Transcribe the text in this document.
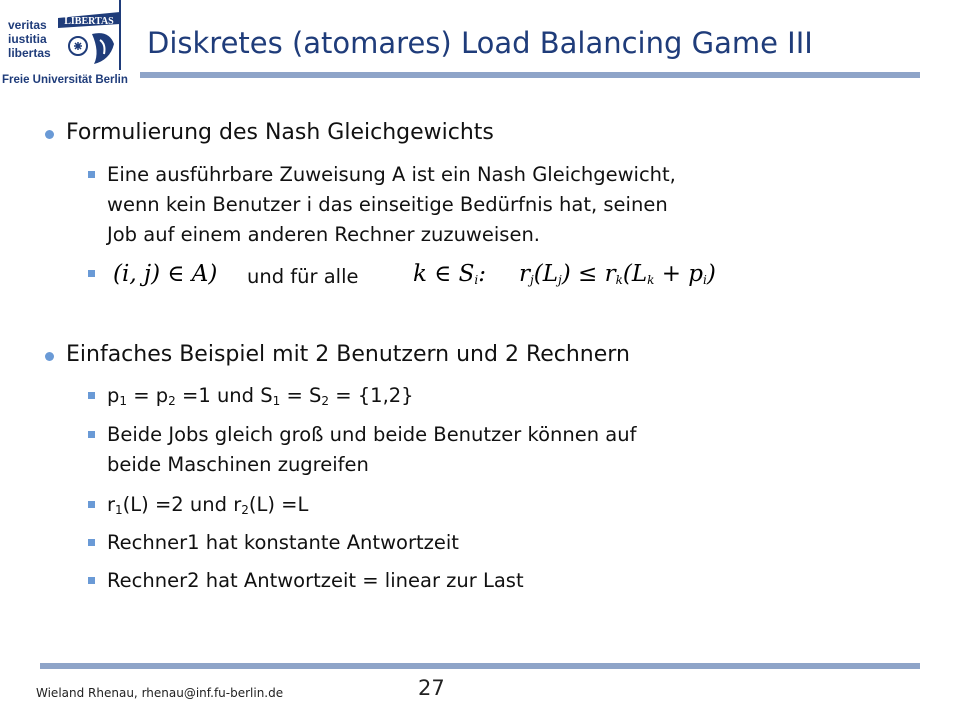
veritas
iustitia
libertas
LIBERTAS
Freie Universität Berlin
Diskretes (atomares) Load Balancing Game III
Formulierung des Nash Gleichgewichts
Eine ausführbare Zuweisung A ist ein Nash Gleichgewicht,
wenn kein Benutzer i das einseitige Bedürfnis hat, seinen
Job auf einem anderen Rechner zuzuweisen.
(i, j) ∈ A) und für alle k ∈ $S_i$: $r_j(L_j) \le r_k(L_k + p_i)$

Einfaches Beispiel mit 2 Benutzern und 2 Rechnern
$p_1 = p_2 =1$ und $S_1 = S_2 = \{1,2\}$
Beide Jobs gleich groß und beide Benutzer können auf
beide Maschinen zugreifen
$r_1(L) =2$ und $r_2(L) =L$
Rechner1 hat konstante Antwortzeit
Rechner2 hat Antwortzeit = linear zur Last
Wieland Rhenau, rhenau@inf.fu-berlin.de	27
